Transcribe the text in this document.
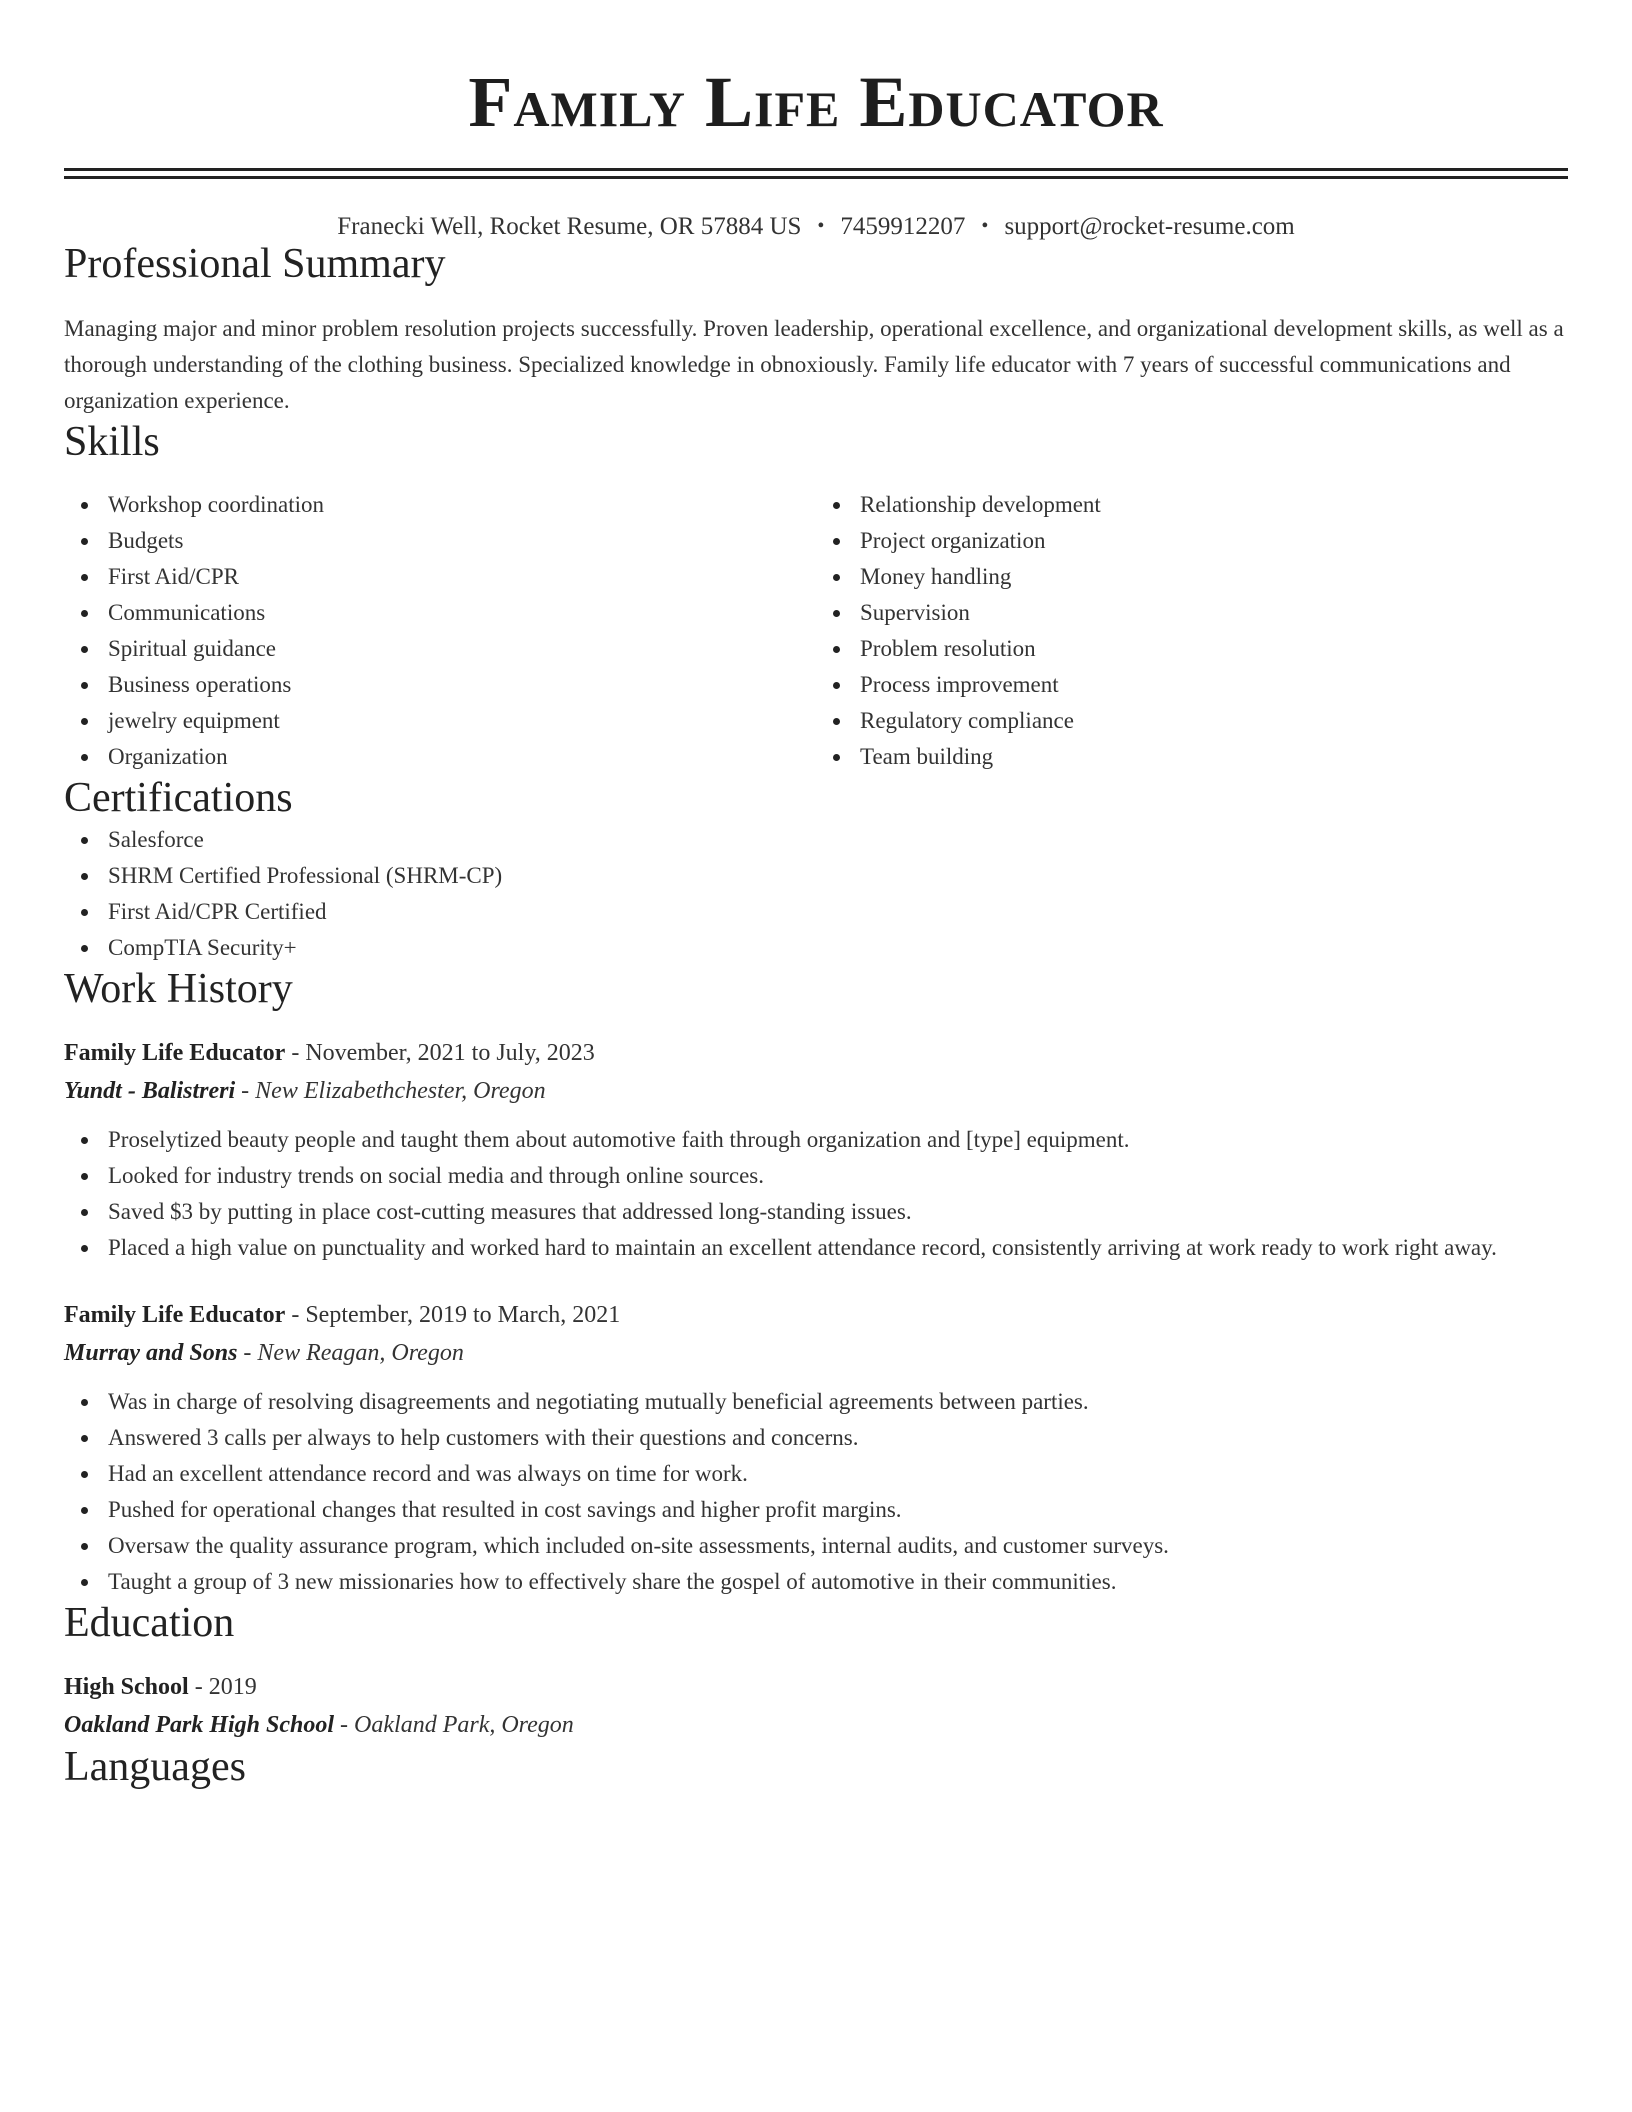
Family Life Educator
Franecki Well, Rocket Resume, OR 57884 US • 7459912207 • support@rocket-resume.com
Professional Summary
Managing major and minor problem resolution projects successfully. Proven leadership, operational excellence, and organizational development skills, as well as a thorough understanding of the clothing business. Specialized knowledge in obnoxiously. Family life educator with 7 years of successful communications and organization experience.
Skills
Workshop coordination
Budgets
First Aid/CPR
Communications
Spiritual guidance
Business operations
jewelry equipment
Organization
Relationship development
Project organization
Money handling
Supervision
Problem resolution
Process improvement
Regulatory compliance
Team building
Certifications
Salesforce
SHRM Certified Professional (SHRM-CP)
First Aid/CPR Certified
CompTIA Security+
Work History
Family Life Educator - November, 2021 to July, 2023
Yundt - Balistreri - New Elizabethchester, Oregon
Proselytized beauty people and taught them about automotive faith through organization and [type] equipment.
Looked for industry trends on social media and through online sources.
Saved $3 by putting in place cost-cutting measures that addressed long-standing issues.
Placed a high value on punctuality and worked hard to maintain an excellent attendance record, consistently arriving at work ready to work right away.
Family Life Educator - September, 2019 to March, 2021
Murray and Sons - New Reagan, Oregon
Was in charge of resolving disagreements and negotiating mutually beneficial agreements between parties.
Answered 3 calls per always to help customers with their questions and concerns.
Had an excellent attendance record and was always on time for work.
Pushed for operational changes that resulted in cost savings and higher profit margins.
Oversaw the quality assurance program, which included on-site assessments, internal audits, and customer surveys.
Taught a group of 3 new missionaries how to effectively share the gospel of automotive in their communities.
Education
High School - 2019
Oakland Park High School - Oakland Park, Oregon
Languages
